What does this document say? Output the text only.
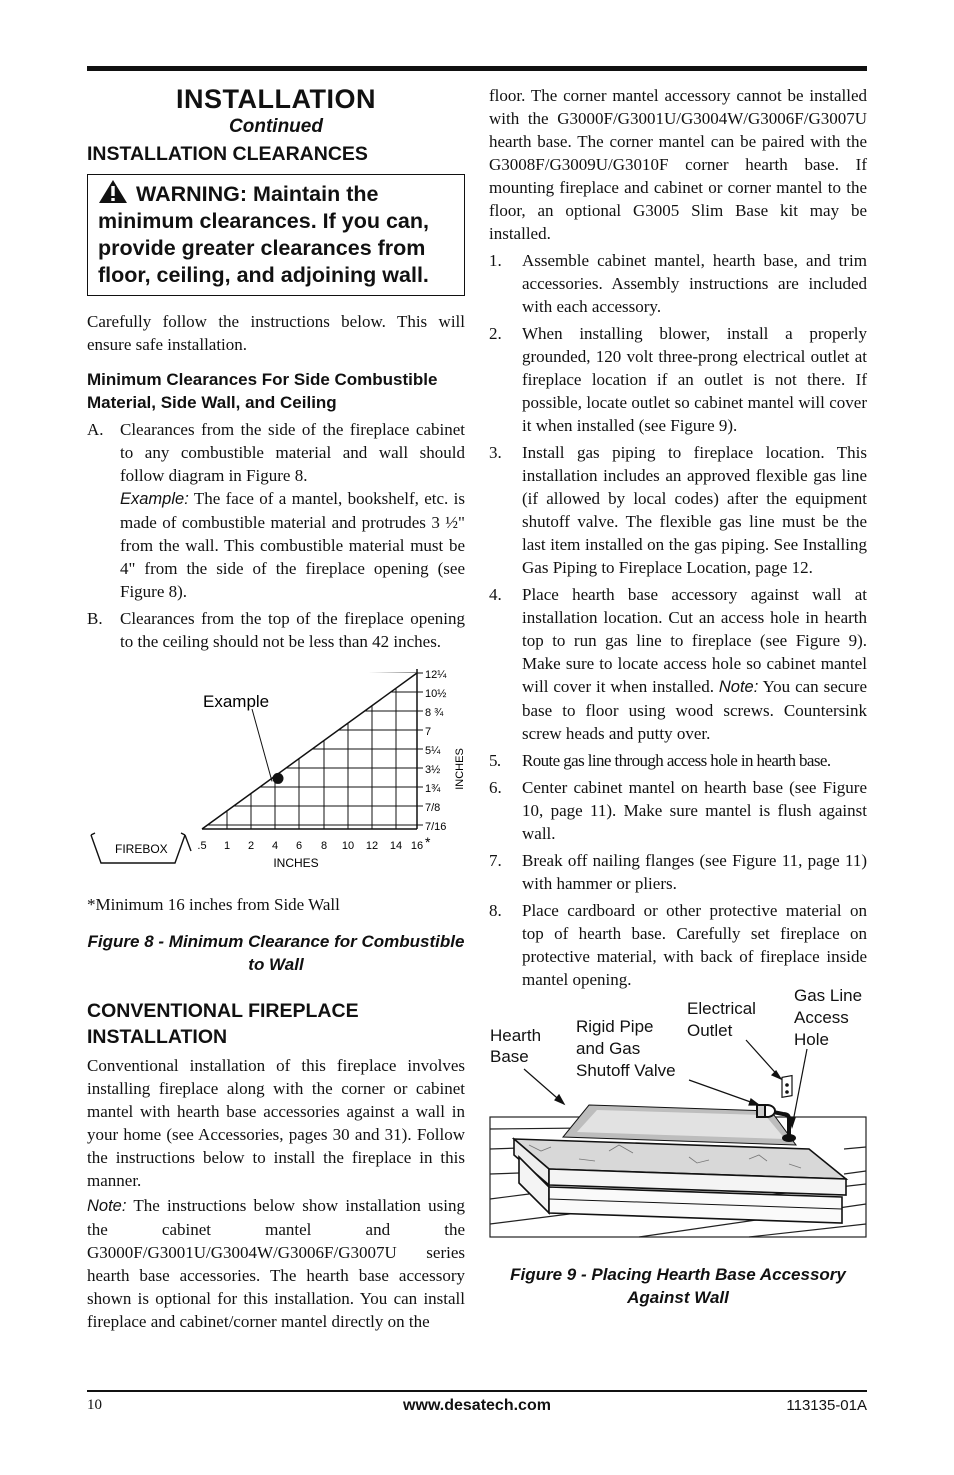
INSTALLATION
Continued
INSTALLATION CLEARANCES
WARNING: Maintain the minimum clearances. If you can, provide greater clearances from floor, ceiling, and adjoining wall.

Carefully follow the instructions below. This will ensure safe installation.

Minimum Clearances For Side Combustible Material, Side Wall, and Ceiling
A. Clearances from the side of the fireplace cabinet to any combustible material and wall should follow diagram in Figure 8.
Example: The face of a mantel, bookshelf, etc. is made of combustible material and protrudes 3 ½" from the wall. This combustible material must be 4" from the side of the fireplace opening (see Figure 8).
B. Clearances from the top of the fireplace opening to the ceiling should not be less than 42 inches.
12¼
10½
8 ¾
7
5¼
3½
1¾
7/8
7/16
.5 1 2 4 6 8 10 12 14 16 *
INCHES
INCHES
Example
FIREBOX

*Minimum 16 inches from Side Wall

Figure 8 - Minimum Clearance for Combustible to Wall

CONVENTIONAL FIREPLACE INSTALLATION

Conventional installation of this fireplace involves installing fireplace along with the corner or cabinet mantel with hearth base accessories against a wall in your home (see Accessories, pages 30 and 31). Follow the instructions below to install the fireplace in this manner.

Note: The instructions below show installation using the cabinet mantel and the G3000F/G3001U/G3004W/G3006F/G3007U series hearth base accessories. The hearth base accessory shown is optional for this installation. You can install fireplace and cabinet/corner mantel directly on the

floor. The corner mantel accessory cannot be installed with the G3000F/G3001U/G3004W/G3006F/G3007U hearth base. The corner mantel can be paired with the G3008F/G3009U/G3010F corner hearth base. If mounting fireplace and cabinet or corner mantel to the floor, an optional G3005 Slim Base kit may be installed.

1. Assemble cabinet mantel, hearth base, and trim accessories. Assembly instructions are included with each accessory.
2. When installing blower, install a properly grounded, 120 volt three-prong electrical outlet at fireplace location if an outlet is not there. If possible, locate outlet so cabinet mantel will cover it when installed (see Figure 9).
3. Install gas piping to fireplace location. This installation includes an approved flexible gas line (if allowed by local codes) after the equipment shutoff valve. The flexible gas line must be the last item installed on the gas piping. See Installing Gas Piping to Fireplace Location, page 12.
4. Place hearth base accessory against wall at installation location. Cut an access hole in hearth top to run gas line to fireplace (see Figure 9). Make sure to locate access hole so cabinet mantel will cover it when installed. Note: You can secure base to floor using wood screws. Countersink screw heads and putty over.
5. Route gas line through access hole in hearth base.
6. Center cabinet mantel on hearth base (see Figure 10, page 11). Make sure mantel is flush against wall.
7. Break off nailing flanges (see Figure 11, page 11) with hammer or pliers.
8. Place cardboard or other protective material on top of hearth base. Carefully set fireplace on protective material, with back of fireplace inside mantel opening.
Hearth
Base
Rigid Pipe
and Gas
Shutoff Valve
Electrical
Outlet
Gas Line
Access
Hole

Figure 9 - Placing Hearth Base Accessory Against Wall

10	www.desatech.com	113135-01A
